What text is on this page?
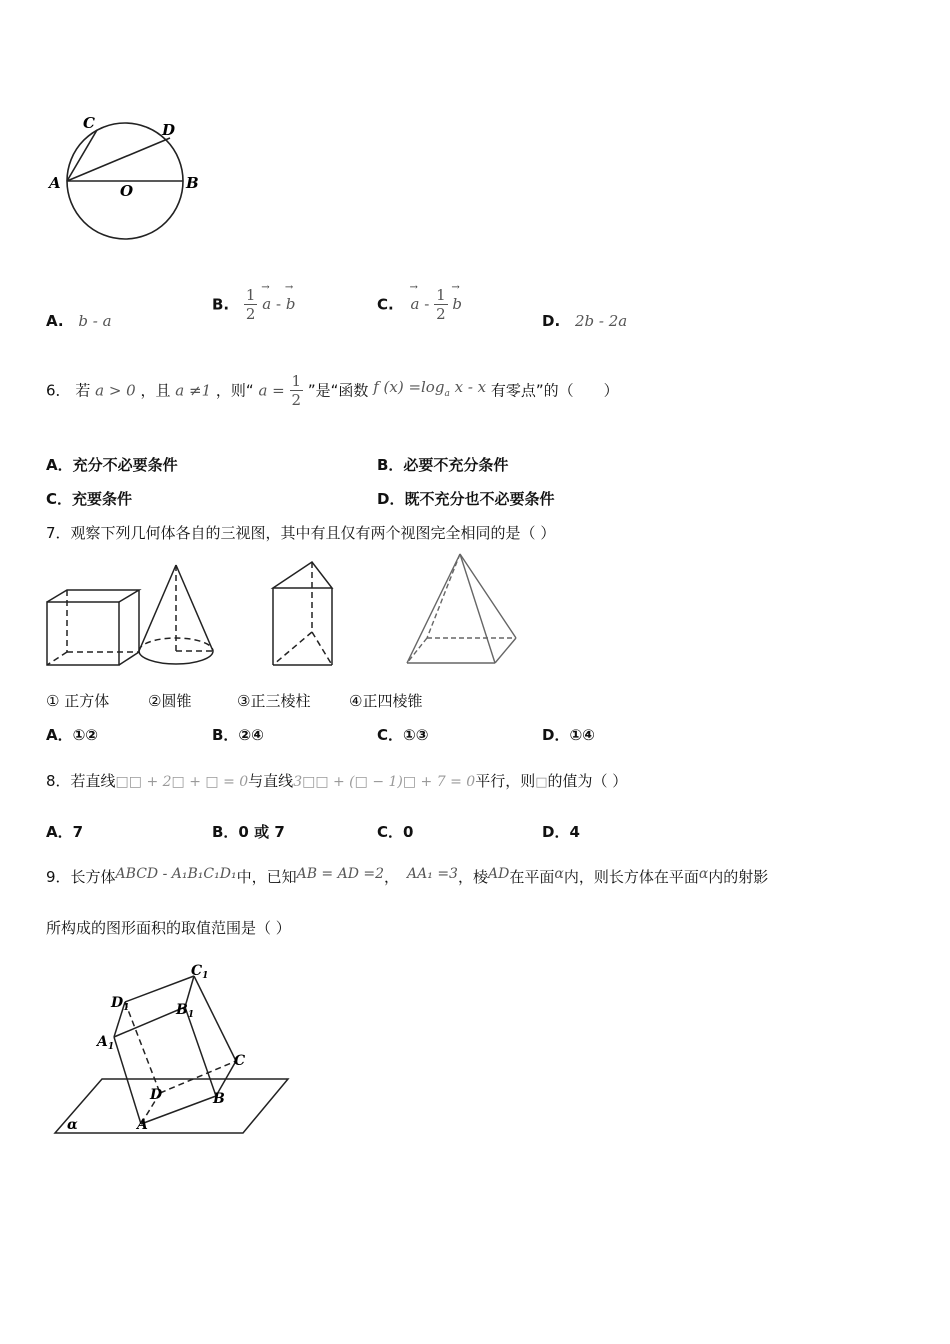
C	D
A	O	B
A. b - a
B. $\frac{1}{2}$
→ a - → b	C. → a - $\frac{1}{2}$
→ b
D. 2b - 2a
6． 若 a > 0 ，且 a ≠1 ，则“ $a = \frac{1}{2}$ ”是“函数 f $(x) =\log_a$ x - x 有零点”的（　　）
A．充分不必要条件	B．必要不充分条件
C．充要条件	D．既不充分也不必要条件
7．观察下列几何体各自的三视图，其中有且仅有两个视图完全相同的是（ ）
① 正方体	②圆锥	③正三棱柱	④正四棱锥
A．①②	B．②④	C．①③	D．①④
8．若直线□□ + 2□ + □ = 0与直线3□□ + (□ − 1)□ + 7 = 0平行，则□的值为（ ）
A．7	B．0 或 7	C．0	D．4
9．长方体ABCD - A₁B₁C₁D₁中，已知AB = AD =2， AA₁ =3，棱AD在平面α内，则长方体在平面α内的射影
所构成的图形面积的取值范围是（ ）
$C_1$
$D_1$	$B_1$
$A_1$
C
D	B
A
α
